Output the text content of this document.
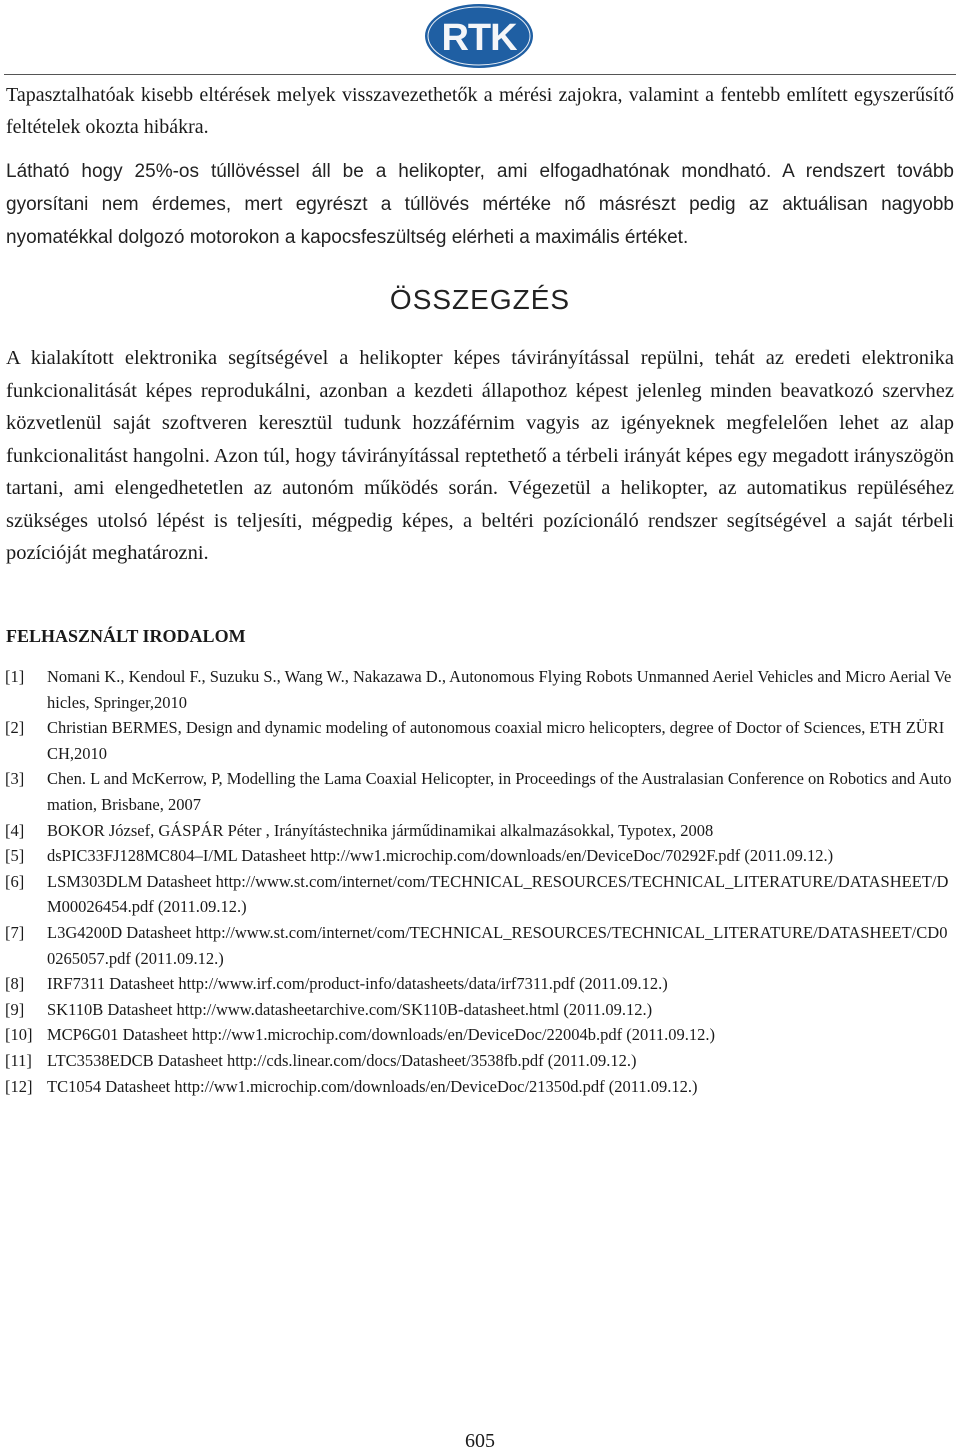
RTK

Tapasztalhatóak kisebb eltérések melyek visszavezethetők a mérési zajokra, valamint a fentebb említett egyszerűsítő feltételek okozta hibákra.

Látható hogy 25%-os túllövéssel áll be a helikopter, ami elfogadhatónak mondható. A rendszert tovább gyorsítani nem érdemes, mert egyrészt a túllövés mértéke nő másrészt pedig az aktuálisan nagyobb nyomatékkal dolgozó motorokon a kapocsfeszültség elérheti a maximális értéket.

ÖSSZEGZÉS

A kialakított elektronika segítségével a helikopter képes távirányítással repülni, tehát az eredeti elektronika funkcionalitását képes reprodukálni, azonban a kezdeti állapothoz képest jelenleg minden beavatkozó szervhez közvetlenül saját szoftveren keresztül tudunk hozzáférnim vagyis az igényeknek megfelelően lehet az alap funkcionalitást hangolni. Azon túl, hogy távirányítással reptethető a térbeli irányát képes egy megadott irányszögön tartani, ami elengedhetetlen az autonóm működés során. Végezetül a helikopter, az automatikus repüléséhez szükséges utolsó lépést is teljesíti, mégpedig képes, a beltéri pozícionáló rendszer segítségével a saját térbeli pozícióját meghatározni.

FELHASZNÁLT IRODALOM
[1] Nomani K., Kendoul F., Suzuku S., Wang W., Nakazawa D., Autonomous Flying Robots Unmanned Aeriel Vehicles and Micro Aerial Vehicles, Springer,2010
[2] Christian BERMES, Design and dynamic modeling of autonomous coaxial micro helicopters, degree of Doctor of Sciences, ETH ZÜRICH,2010
[3] Chen. L and McKerrow, P, Modelling the Lama Coaxial Helicopter, in Proceedings of the Australasian Conference on Robotics and Automation, Brisbane, 2007
[4] BOKOR József, GÁSPÁR Péter , Irányítástechnika járműdinamikai alkalmazásokkal, Typotex, 2008
[5] dsPIC33FJ128MC804–I/ML Datasheet http://ww1.microchip.com/downloads/en/DeviceDoc/70292F.pdf (2011.09.12.)
[6] LSM303DLM Datasheet http://www.st.com/internet/com/TECHNICAL_RESOURCES/TECHNICAL_LITERATURE/DATASHEET/DM00026454.pdf (2011.09.12.)
[7] L3G4200D Datasheet http://www.st.com/internet/com/TECHNICAL_RESOURCES/TECHNICAL_LITERATURE/DATASHEET/CD00265057.pdf (2011.09.12.)
[8] IRF7311 Datasheet http://www.irf.com/product-info/datasheets/data/irf7311.pdf (2011.09.12.)
[9] SK110B Datasheet http://www.datasheetarchive.com/SK110B-datasheet.html (2011.09.12.)
[10] MCP6G01 Datasheet http://ww1.microchip.com/downloads/en/DeviceDoc/22004b.pdf (2011.09.12.)
[11] LTC3538EDCB Datasheet http://cds.linear.com/docs/Datasheet/3538fb.pdf (2011.09.12.)
[12] TC1054 Datasheet http://ww1.microchip.com/downloads/en/DeviceDoc/21350d.pdf (2011.09.12.)
605
